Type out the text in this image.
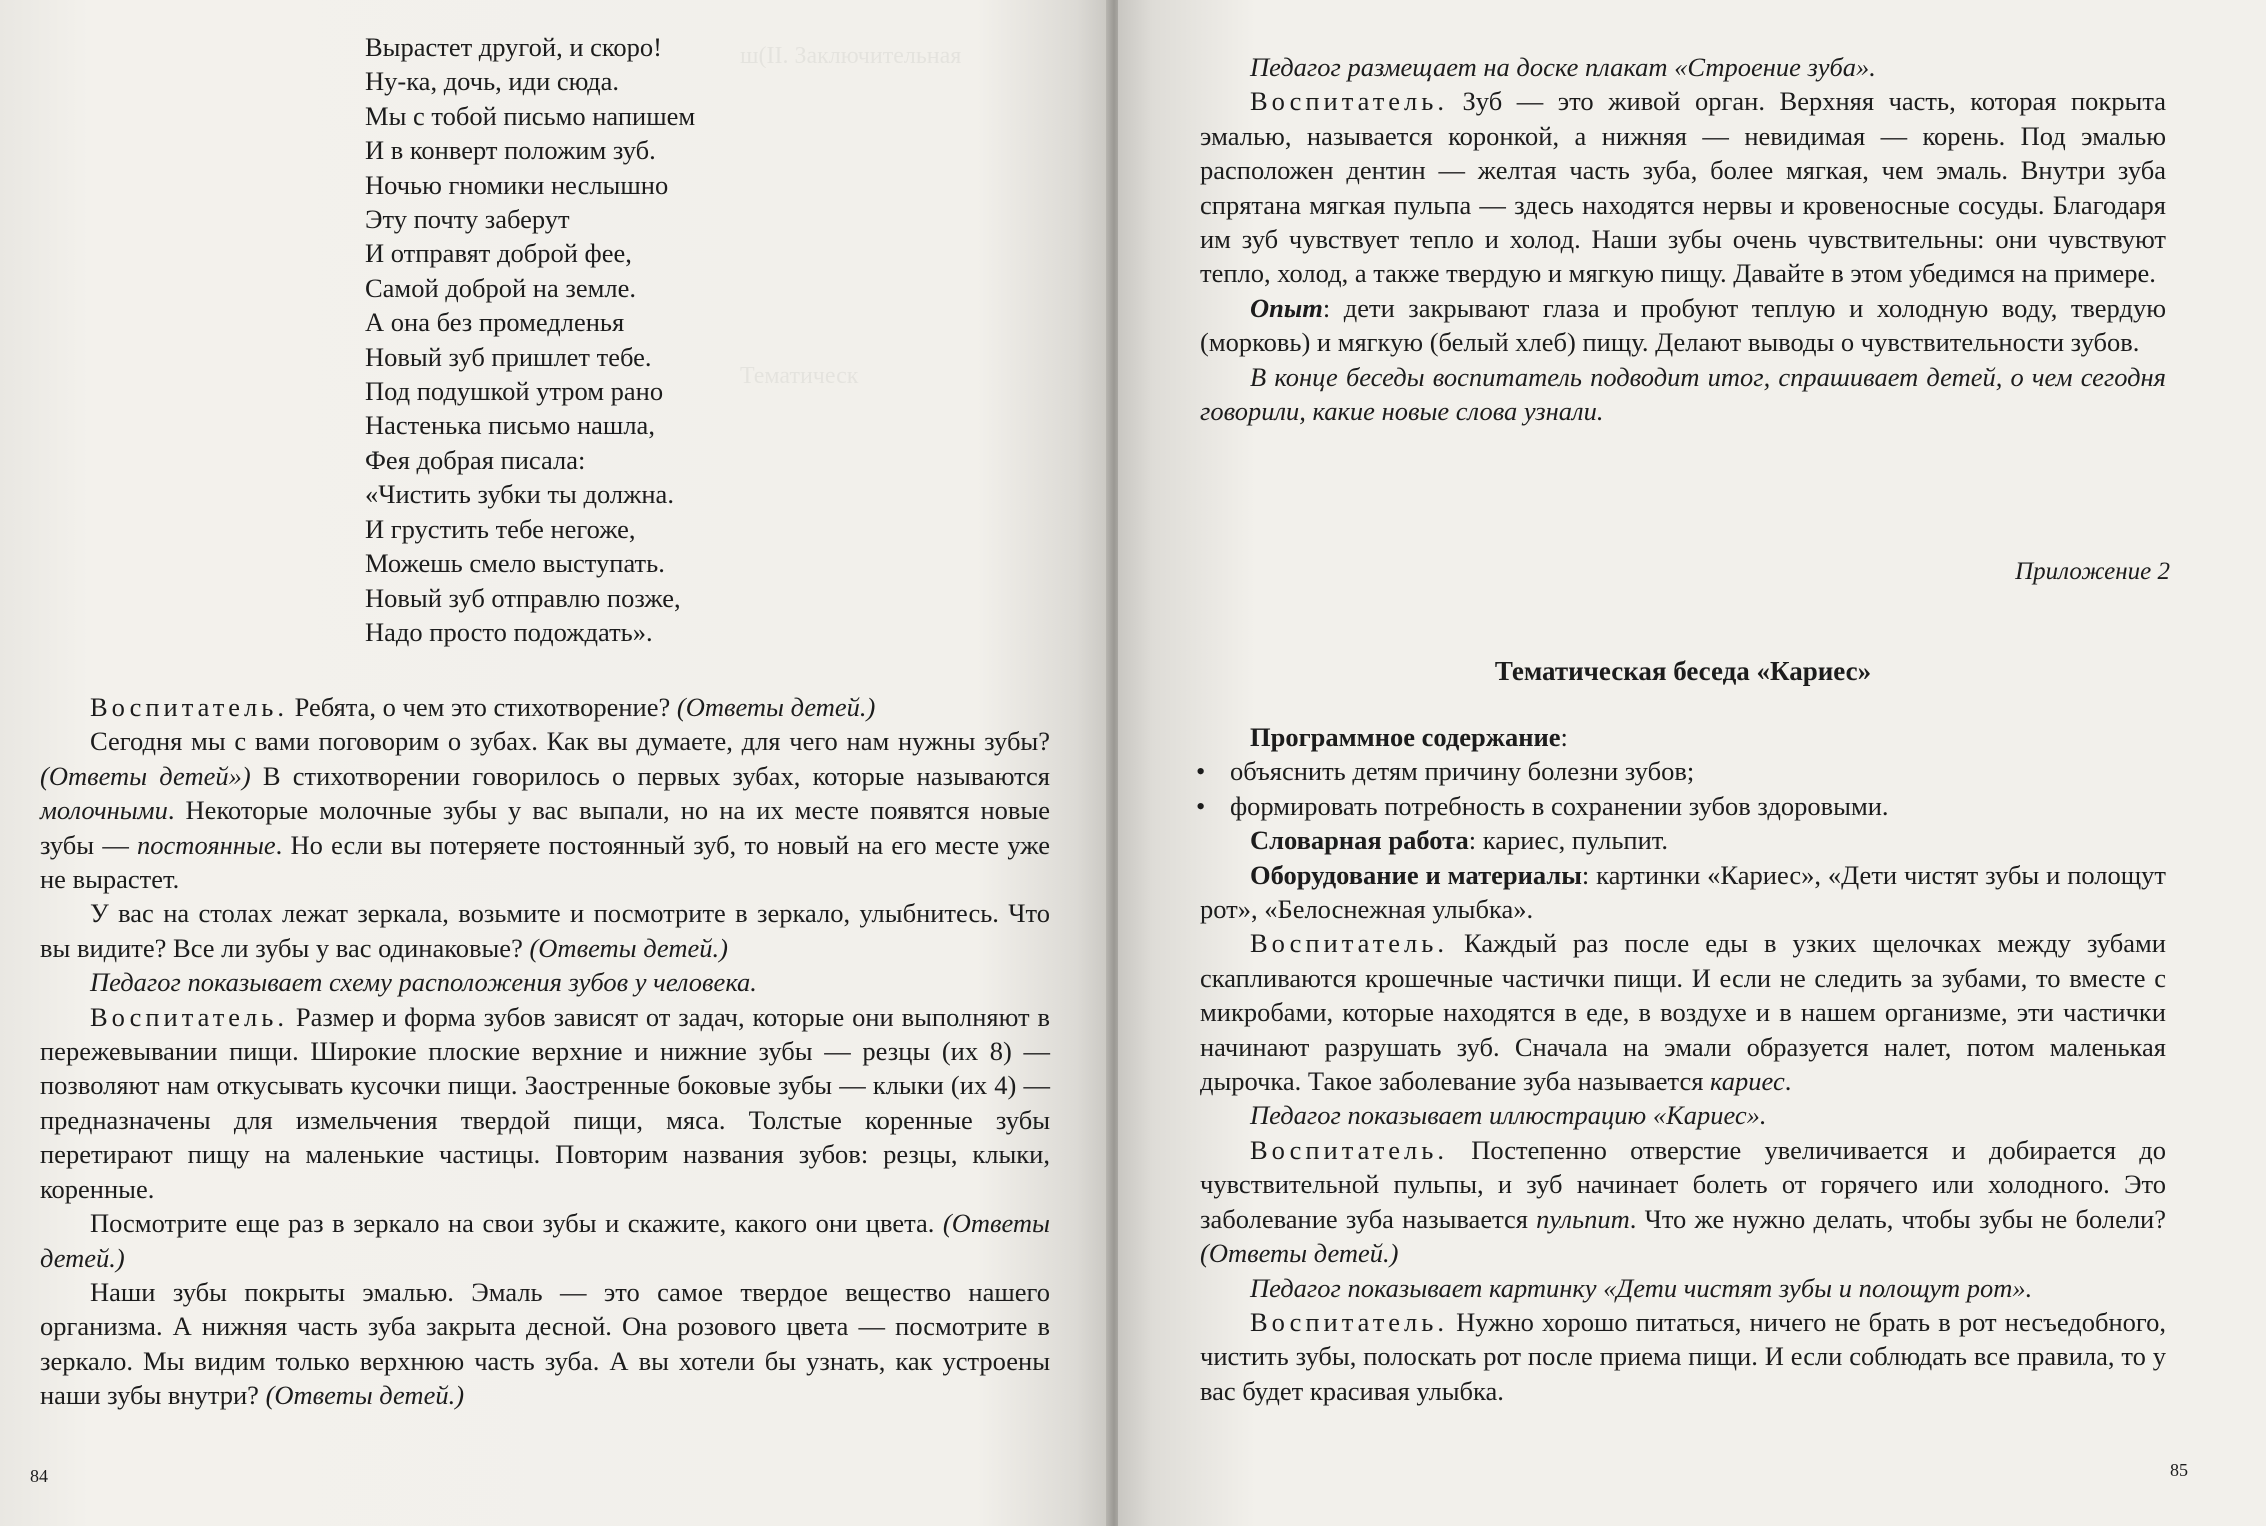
ш(II. Заключительная
Тематическ
Вырастет другой, и скоро!
Ну-ка, дочь, иди сюда.
Мы с тобой письмо напишем
И в конверт положим зуб.
Ночью гномики неслышно
Эту почту заберут
И отправят доброй фее,
Самой доброй на земле.
А она без промедленья
Новый зуб пришлет тебе.
Под подушкой утром рано
Настенька письмо нашла,
Фея добрая писала:
«Чистить зубки ты должна.
И грустить тебе негоже,
Можешь смело выступать.
Новый зуб отправлю позже,
Надо просто подождать».

Воспитатель. Ребята, о чем это стихотворение? (Ответы детей.)

Сегодня мы с вами поговорим о зубах. Как вы думаете, для чего нам нужны зубы? (Ответы детей») В стихотворении говорилось о первых зубах, которые называются молочными. Некоторые молочные зубы у вас выпали, но на их месте появятся новые зубы — постоянные. Но если вы потеряете постоянный зуб, то новый на его месте уже не вырастет.

У вас на столах лежат зеркала, возьмите и посмотрите в зеркало, улыбнитесь. Что вы видите? Все ли зубы у вас одинаковые? (Ответы детей.)

Педагог показывает схему расположения зубов у человека.

Воспитатель. Размер и форма зубов зависят от задач, которые они выполняют в пережевывании пищи. Широкие плоские верхние и нижние зубы — резцы (их 8) — позволяют нам откусывать кусочки пищи. Заостренные боковые зубы — клыки (их 4) — предназначены для измельчения твердой пищи, мяса. Толстые коренные зубы перетирают пищу на маленькие частицы. Повторим названия зубов: резцы, клыки, коренные.

Посмотрите еще раз в зеркало на свои зубы и скажите, какого они цвета. (Ответы детей.)

Наши зубы покрыты эмалью. Эмаль — это самое твердое вещество нашего организма. А нижняя часть зуба закрыта десной. Она розового цвета — посмотрите в зеркало. Мы видим только верхнюю часть зуба. А вы хотели бы узнать, как устроены наши зубы внутри? (Ответы детей.)

84

Педагог размещает на доске плакат «Строение зуба».

Воспитатель. Зуб — это живой орган. Верхняя часть, которая покрыта эмалью, называется коронкой, а нижняя — невидимая — корень. Под эмалью расположен дентин — желтая часть зуба, более мягкая, чем эмаль. Внутри зуба спрятана мягкая пульпа — здесь находятся нервы и кровеносные сосуды. Благодаря им зуб чувствует тепло и холод. Наши зубы очень чувствительны: они чувствуют тепло, холод, а также твердую и мягкую пищу. Давайте в этом убедимся на примере.

Опыт: дети закрывают глаза и пробуют теплую и холодную воду, твердую (морковь) и мягкую (белый хлеб) пищу. Делают выводы о чувствительности зубов.

В конце беседы воспитатель подводит итог, спрашивает детей, о чем сегодня говорили, какие новые слова узнали.

Приложение 2
Тематическая беседа «Кариес»

Программное содержание:

• объяснить детям причину болезни зубов;
• формировать потребность в сохранении зубов здоровыми.

Словарная работа: кариес, пульпит.

Оборудование и материалы: картинки «Кариес», «Дети чистят зубы и полощут рот», «Белоснежная улыбка».

Воспитатель. Каждый раз после еды в узких щелочках между зубами скапливаются крошечные частички пищи. И если не следить за зубами, то вместе с микробами, которые находятся в еде, в воздухе и в нашем организме, эти частички начинают разрушать зуб. Сначала на эмали образуется налет, потом маленькая дырочка. Такое заболевание зуба называется кариес.

Педагог показывает иллюстрацию «Кариес».

Воспитатель. Постепенно отверстие увеличивается и добирается до чувствительной пульпы, и зуб начинает болеть от горячего или холодного. Это заболевание зуба называется пульпит. Что же нужно делать, чтобы зубы не болели? (Ответы детей.)

Педагог показывает картинку «Дети чистят зубы и полощут рот».

Воспитатель. Нужно хорошо питаться, ничего не брать в рот несъедобного, чистить зубы, полоскать рот после приема пищи. И если соблюдать все правила, то у вас будет красивая улыбка.

85
